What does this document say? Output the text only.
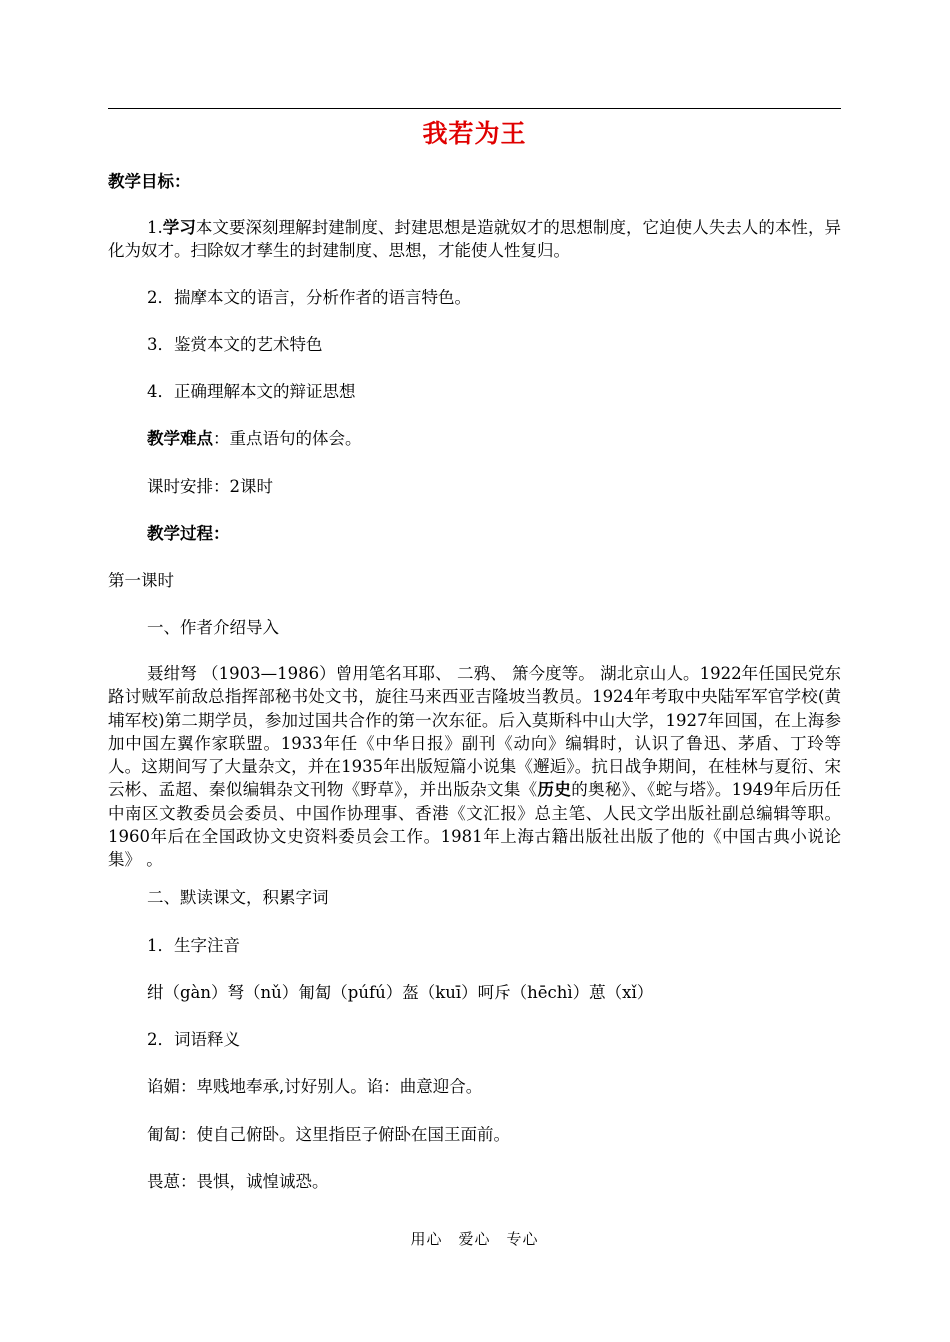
我若为王
教学目标：
1.学习本文要深刻理解封建制度、封建思想是造就奴才的思想制度，它迫使人失去人的本性，异化为奴才。扫除奴才孳生的封建制度、思想，才能使人性复归。
2．揣摩本文的语言，分析作者的语言特色。
3．鉴赏本文的艺术特色
4．正确理解本文的辩证思想
教学难点：重点语句的体会。
课时安排：2课时
教学过程：
第一课时
一、作者介绍导入
聂绀弩 （1903—1986）曾用笔名耳耶、 二鸦、 箫今度等。 湖北京山人。1922年任国民党东路讨贼军前敌总指挥部秘书处文书，旋往马来西亚吉隆坡当教员。1924年考取中央陆军军官学校(黄埔军校)第二期学员，参加过国共合作的第一次东征。后入莫斯科中山大学，1927年回国，在上海参加中国左翼作家联盟。1933年任《中华日报》副刊《动向》编辑时，认识了鲁迅、茅盾、丁玲等人。这期间写了大量杂文，并在1935年出版短篇小说集《邂逅》。抗日战争期间，在桂林与夏衍、宋云彬、孟超、秦似编辑杂文刊物《野草》，并出版杂文集《历史的奥秘》、《蛇与塔》。1949年后历任中南区文教委员会委员、中国作协理事、香港《文汇报》总主笔、人民文学出版社副总编辑等职。1960年后在全国政协文史资料委员会工作。1981年上海古籍出版社出版了他的《中国古典小说论集》 。
二、默读课文，积累字词
1．生字注音
绀（gàn）弩（nǔ）匍匐（púfú）盔（kuī）呵斥（hēchì）葸（xǐ）
2．词语释义
谄媚：卑贱地奉承,讨好别人。谄：曲意迎合。
匍匐：使自己俯卧。这里指臣子俯卧在国王面前。
畏葸：畏惧，诚惶诚恐。
用心　爱心　专心
